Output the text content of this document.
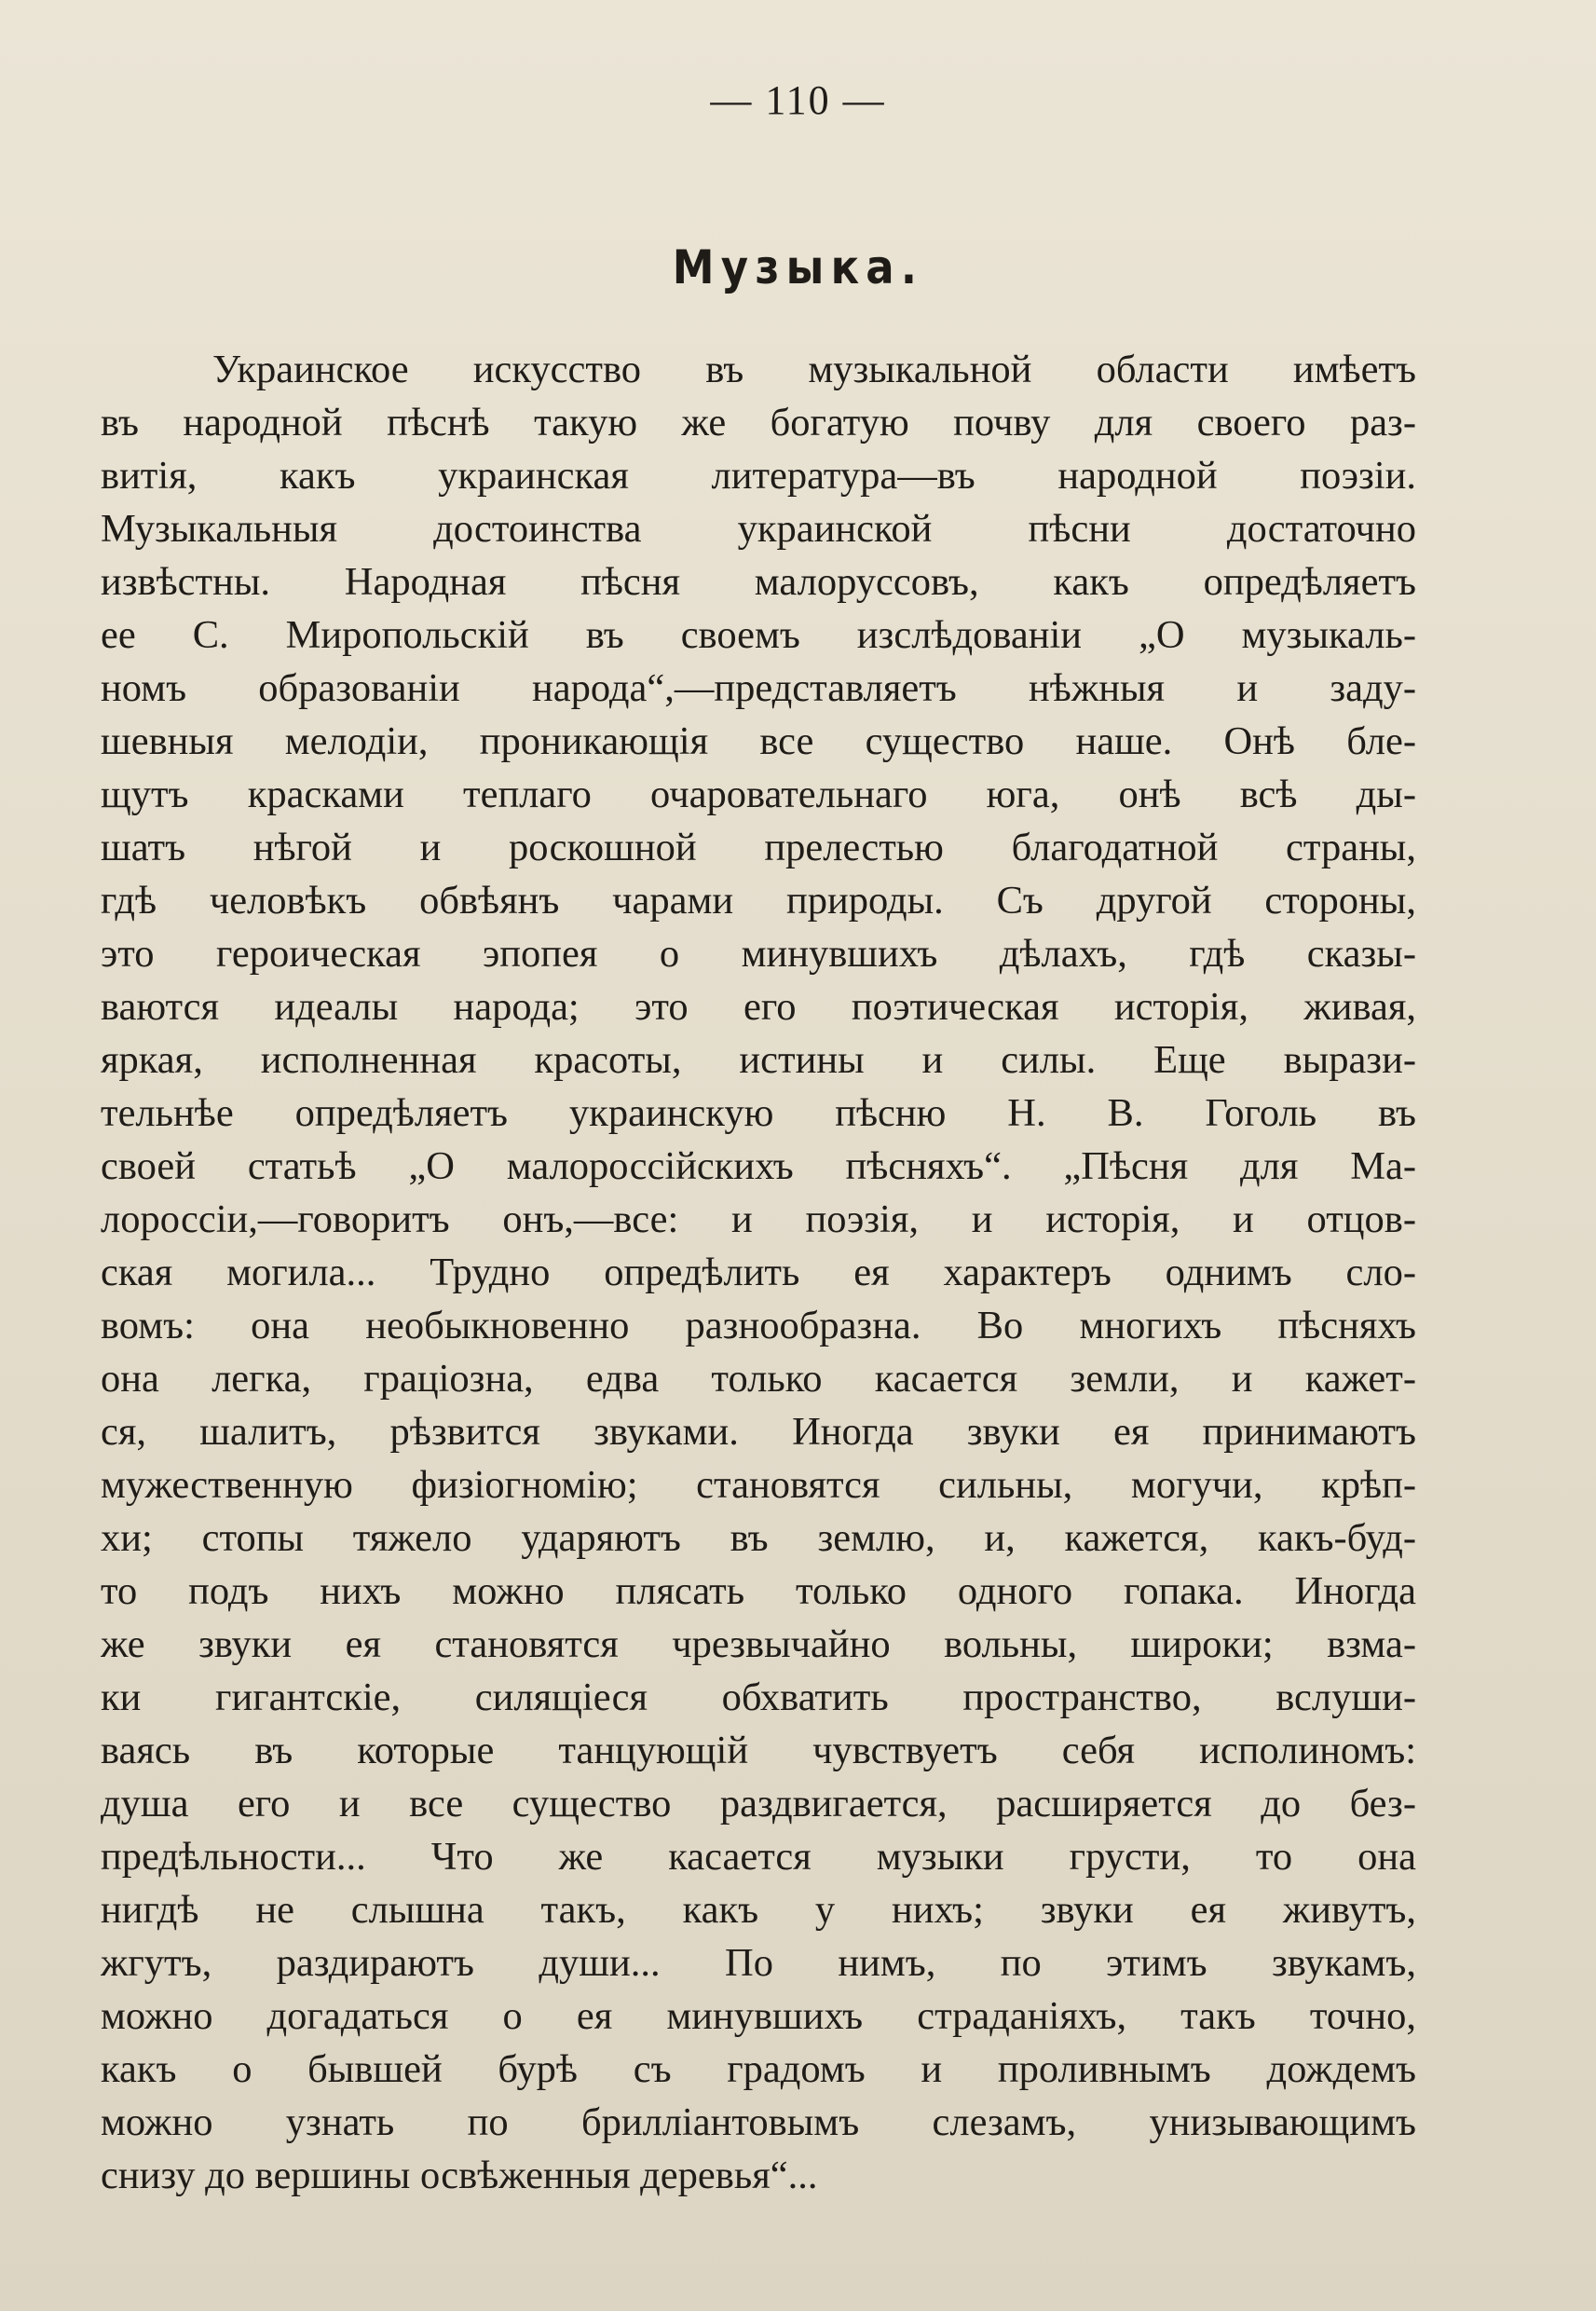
— 110 —
Музыка.
Украинское искусство въ музыкальной области имѣетъ
въ народной пѣснѣ такую же богатую почву для своего раз-
витія, какъ украинская литература—въ народной поэзіи.
Музыкальныя достоинства украинской пѣсни достаточно
извѣстны. Народная пѣсня малоруссовъ, какъ опредѣляетъ
ее С. Миропольскій въ своемъ изслѣдованіи „О музыкаль-
номъ образованіи народа“,—представляетъ нѣжныя и заду-
шевныя мелодіи, проникающія все существо наше. Онѣ бле-
щутъ красками теплаго очаровательнаго юга, онѣ всѣ ды-
шатъ нѣгой и роскошной прелестью благодатной страны,
гдѣ человѣкъ обвѣянъ чарами природы. Съ другой стороны,
это героическая эпопея о минувшихъ дѣлахъ, гдѣ сказы-
ваются идеалы народа; это его поэтическая исторія, живая,
яркая, исполненная красоты, истины и силы. Еще вырази-
тельнѣе опредѣляетъ украинскую пѣсню Н. В. Гоголь въ
своей статьѣ „О малороссійскихъ пѣсняхъ“. „Пѣсня для Ма-
лороссіи,—говоритъ онъ,—все: и поэзія, и исторія, и отцов-
ская могила... Трудно опредѣлить ея характеръ однимъ сло-
вомъ: она необыкновенно разнообразна. Во многихъ пѣсняхъ
она легка, граціозна, едва только касается земли, и кажет-
ся, шалитъ, рѣзвится звуками. Иногда звуки ея принимаютъ
мужественную физіогномію; становятся сильны, могучи, крѣп-
хи; стопы тяжело ударяютъ въ землю, и, кажется, какъ-буд-
то подъ нихъ можно плясать только одного гопака. Иногда
же звуки ея становятся чрезвычайно вольны, широки; взма-
ки гигантскіе, силящіеся обхватить пространство, вслуши-
ваясь въ которые танцующій чувствуетъ себя исполиномъ:
душа его и все существо раздвигается, расширяется до без-
предѣльности... Что же касается музыки грусти, то она
нигдѣ не слышна такъ, какъ у нихъ; звуки ея живутъ,
жгутъ, раздираютъ души... По нимъ, по этимъ звукамъ,
можно догадаться о ея минувшихъ страданіяхъ, такъ точно,
какъ о бывшей бурѣ съ градомъ и проливнымъ дождемъ
можно узнать по брилліантовымъ слезамъ, унизывающимъ
снизу до вершины освѣженныя деревья“...
